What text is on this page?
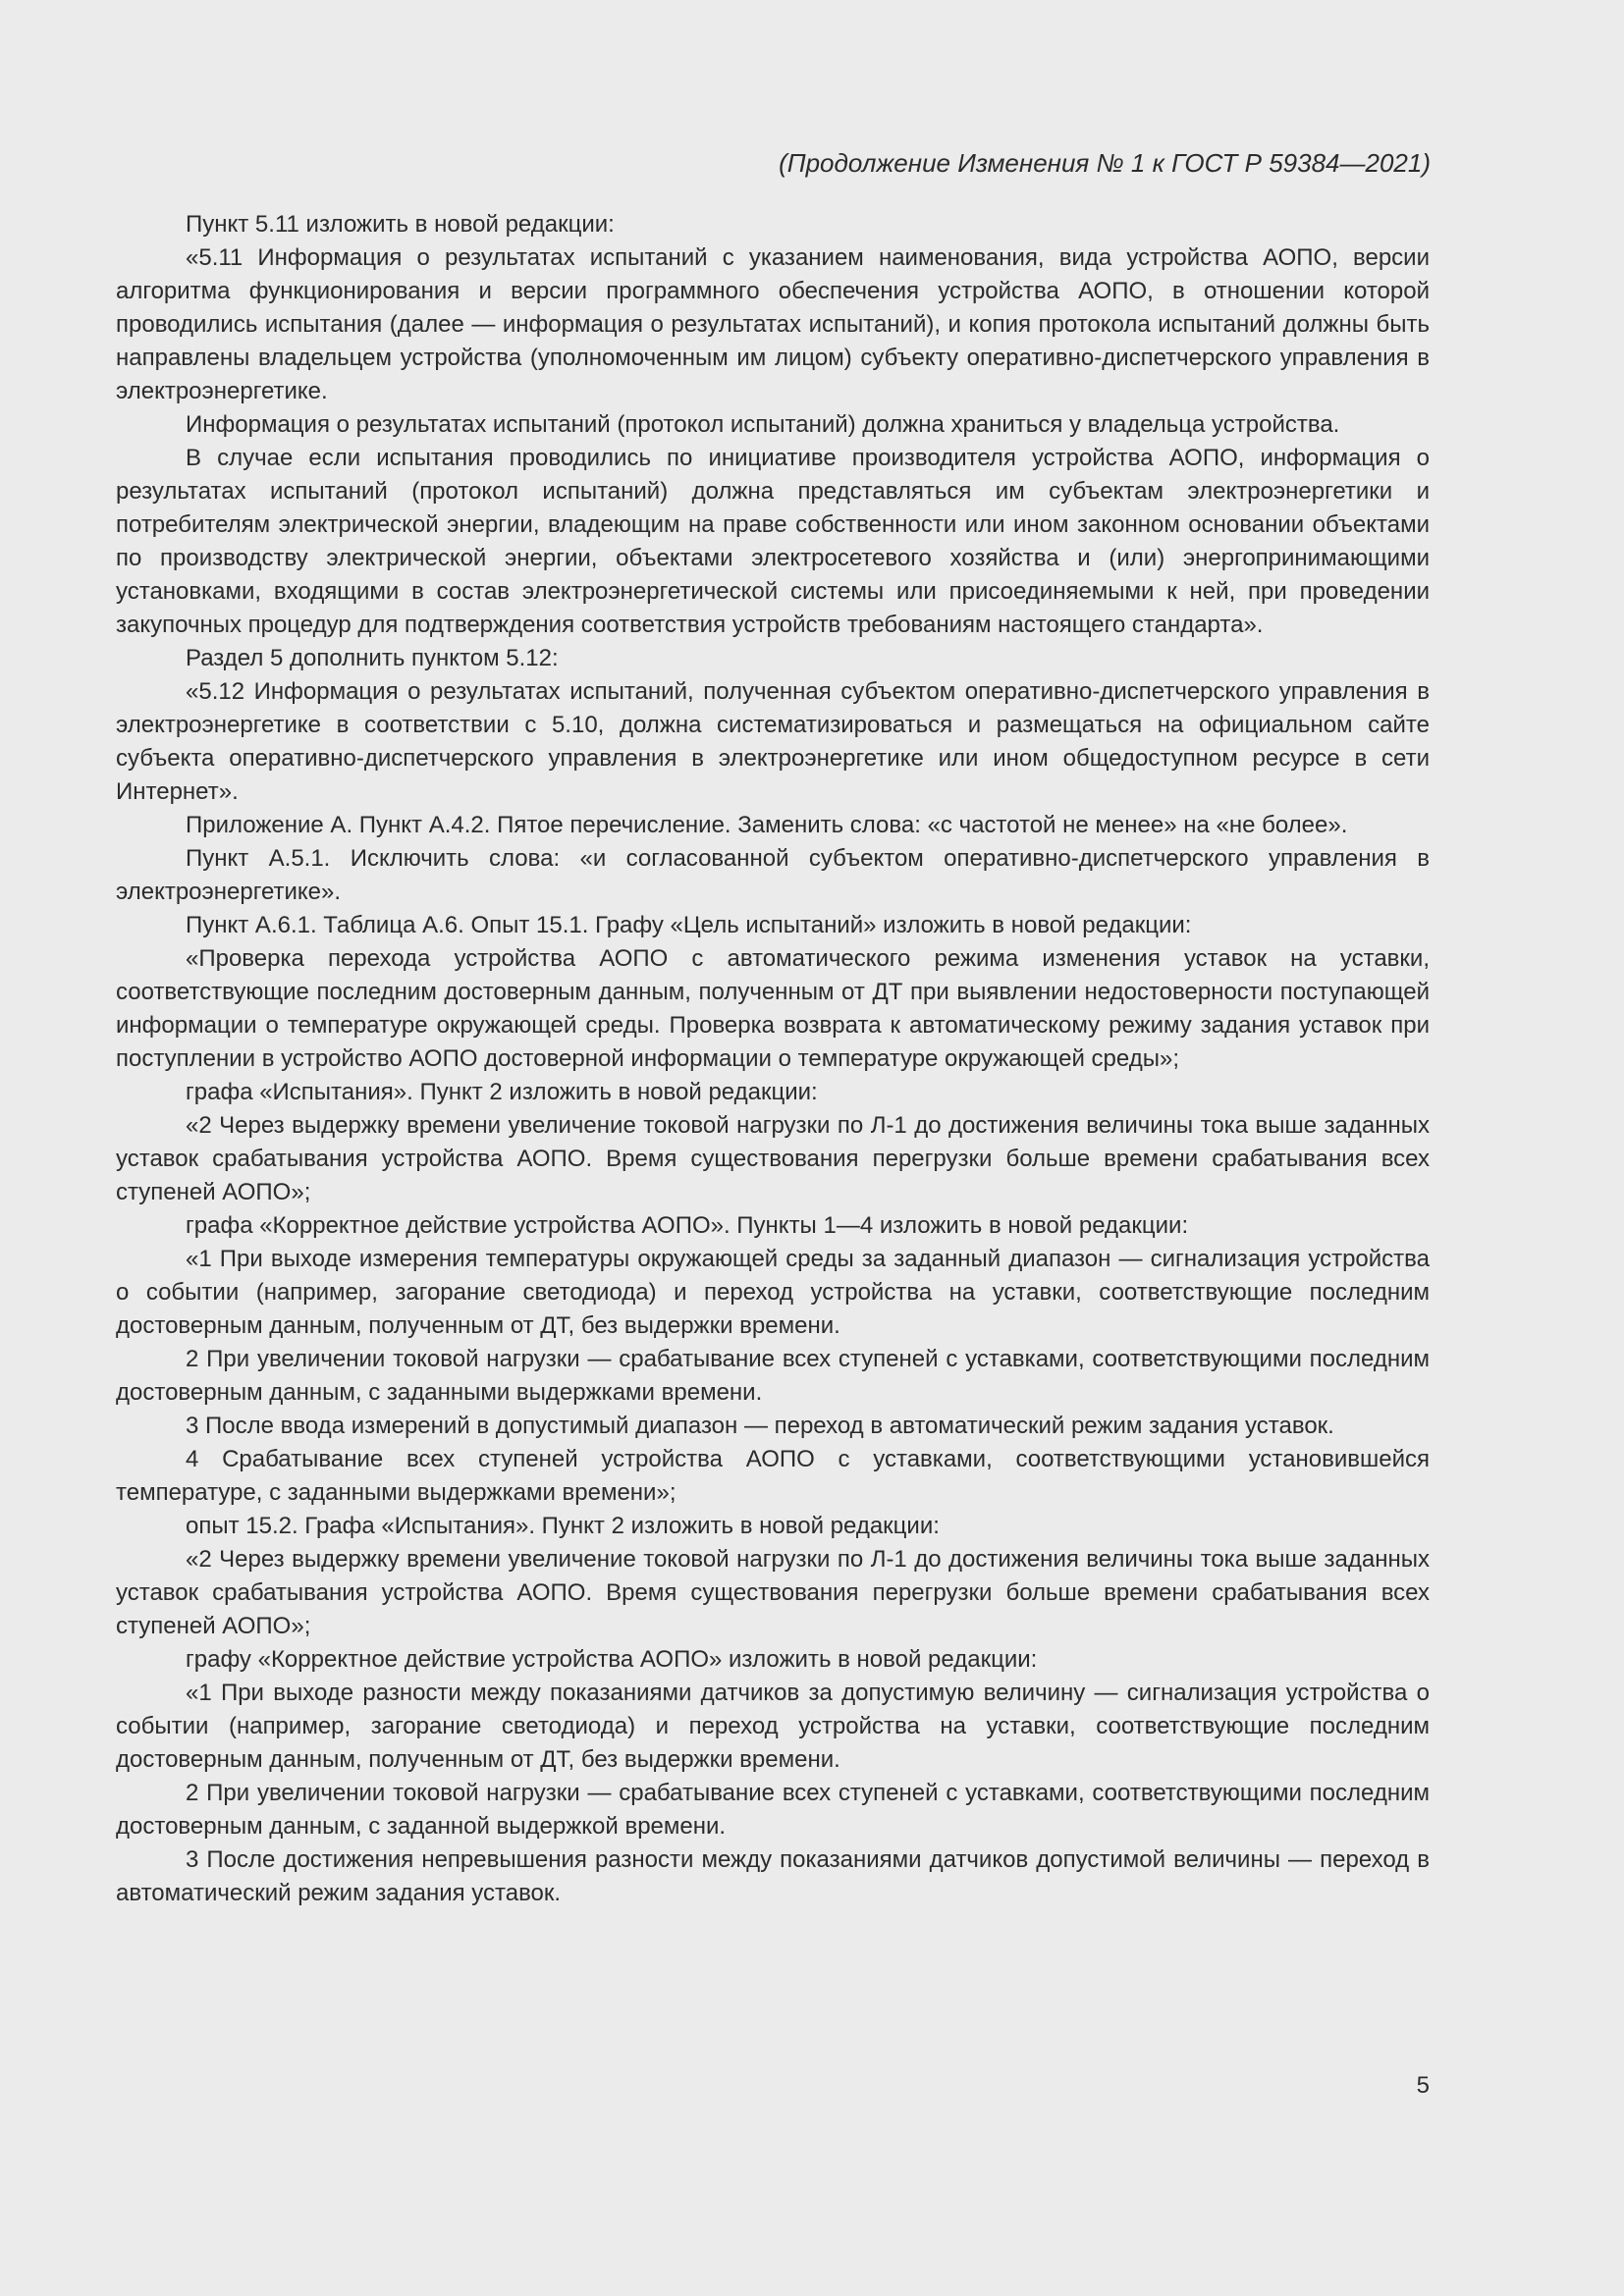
(Продолжение Изменения № 1 к ГОСТ Р 59384—2021)

Пункт 5.11 изложить в новой редакции:

«5.11 Информация о результатах испытаний с указанием наименования, вида устройства АОПО, версии алгоритма функционирования и версии программного обеспечения устройства АОПО, в отношении которой проводились испытания (далее — информация о результатах испытаний), и копия протокола испытаний должны быть направлены владельцем устройства (уполномоченным им лицом) субъекту оперативно-диспетчерского управления в электроэнергетике.

Информация о результатах испытаний (протокол испытаний) должна храниться у владельца устройства.

В случае если испытания проводились по инициативе производителя устройства АОПО, информация о результатах испытаний (протокол испытаний) должна представляться им субъектам электроэнергетики и потребителям электрической энергии, владеющим на праве собственности или ином законном основании объектами по производству электрической энергии, объектами электросетевого хозяйства и (или) энергопринимающими установками, входящими в состав электроэнергетической системы или присоединяемыми к ней, при проведении закупочных процедур для подтверждения соответствия устройств требованиям настоящего стандарта».

Раздел 5 дополнить пунктом 5.12:

«5.12 Информация о результатах испытаний, полученная субъектом оперативно-диспетчерского управления в электроэнергетике в соответствии с 5.10, должна систематизироваться и размещаться на официальном сайте субъекта оперативно-диспетчерского управления в электроэнергетике или ином общедоступном ресурсе в сети Интернет».

Приложение А. Пункт А.4.2. Пятое перечисление. Заменить слова: «с частотой не менее» на «не более».

Пункт А.5.1. Исключить слова: «и согласованной субъектом оперативно-диспетчерского управления в электроэнергетике».

Пункт А.6.1. Таблица А.6. Опыт 15.1. Графу «Цель испытаний» изложить в новой редакции:

«Проверка перехода устройства АОПО с автоматического режима изменения уставок на уставки, соответствующие последним достоверным данным, полученным от ДТ при выявлении недостоверности поступающей информации о температуре окружающей среды. Проверка возврата к автоматическому режиму задания уставок при поступлении в устройство АОПО достоверной информации о температуре окружающей среды»;

графа «Испытания». Пункт 2 изложить в новой редакции:

«2 Через выдержку времени увеличение токовой нагрузки по Л-1 до достижения величины тока выше заданных уставок срабатывания устройства АОПО. Время существования перегрузки больше времени срабатывания всех ступеней АОПО»;

графа «Корректное действие устройства АОПО». Пункты 1—4 изложить в новой редакции:

«1 При выходе измерения температуры окружающей среды за заданный диапазон — сигнализация устройства о событии (например, загорание светодиода) и переход устройства на уставки, соответствующие последним достоверным данным, полученным от ДТ, без выдержки времени.

2 При увеличении токовой нагрузки — срабатывание всех ступеней с уставками, соответствующими последним достоверным данным, с заданными выдержками времени.

3 После ввода измерений в допустимый диапазон — переход в автоматический режим задания уставок.

4 Срабатывание всех ступеней устройства АОПО с уставками, соответствующими установившейся температуре, с заданными выдержками времени»;

опыт 15.2. Графа «Испытания». Пункт 2 изложить в новой редакции:

«2 Через выдержку времени увеличение токовой нагрузки по Л-1 до достижения величины тока выше заданных уставок срабатывания устройства АОПО. Время существования перегрузки больше времени срабатывания всех ступеней АОПО»;

графу «Корректное действие устройства АОПО» изложить в новой редакции:

«1 При выходе разности между показаниями датчиков за допустимую величину — сигнализация устройства о событии (например, загорание светодиода) и переход устройства на уставки, соответствующие последним достоверным данным, полученным от ДТ, без выдержки времени.

2 При увеличении токовой нагрузки — срабатывание всех ступеней с уставками, соответствующими последним достоверным данным, с заданной выдержкой времени.

3 После достижения непревышения разности между показаниями датчиков допустимой величины — переход в автоматический режим задания уставок.

5
